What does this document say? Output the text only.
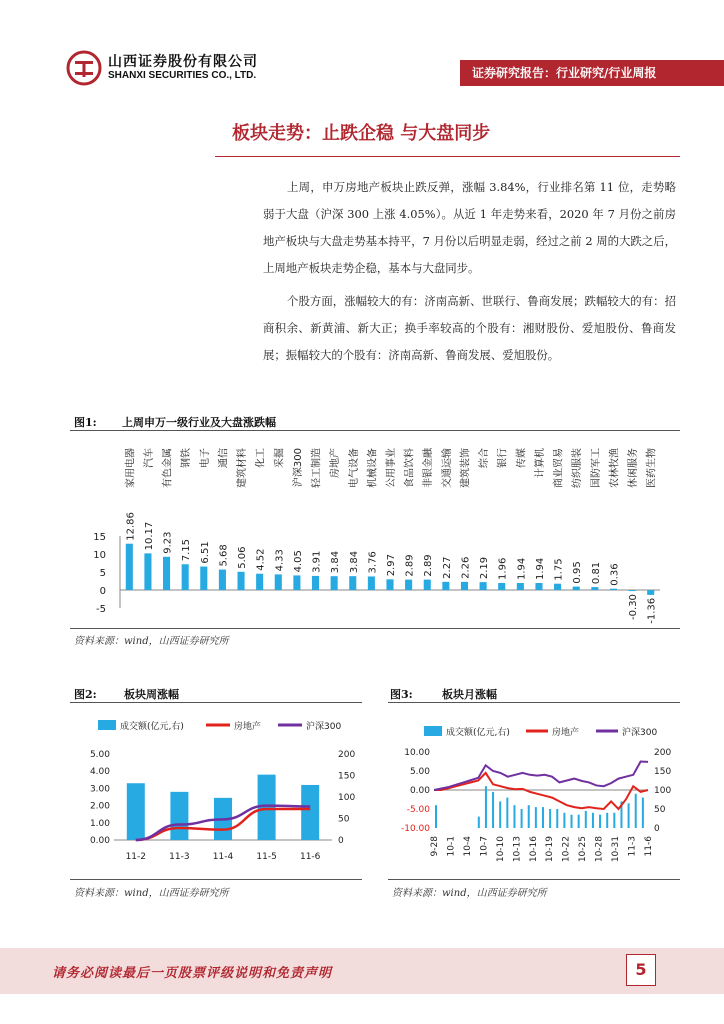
山西证券股份有限公司
SHANXI SECURITIES CO., LTD.	证券研究报告：行业研究/行业周报
板块走势：止跌企稳 与大盘同步
上周，申万房地产板块止跌反弹，涨幅 3.84%，行业排名第 11 位，走势略弱于大盘（沪深 300 上涨 4.05%）。从近 1 年走势来看，2020 年 7 月份之前房地产板块与大盘走势基本持平，7 月份以后明显走弱，经过之前 2 周的大跌之后，上周地产板块走势企稳，基本与大盘同步。
个股方面，涨幅较大的有：济南高新、世联行、鲁商发展；跌幅较大的有：招商积余、新黄浦、新大正；换手率较高的个股有：湘财股份、爱旭股份、鲁商发展；振幅较大的个股有：济南高新、鲁商发展、爱旭股份。
图1: 上周申万一级行业及大盘涨跌幅
15
10
5
0
-5
12.86
家用电器
10.17
汽车
9.23
有色金属
7.15
钢铁
6.51
电子
5.68
通信
5.06
建筑材料
4.52
化工
4.33
采掘
4.05
沪深300
3.91
轻工制造
3.84
房地产
3.84
电气设备
3.76
机械设备
2.97
公用事业
2.89
食品饮料
2.89
非银金融
2.27
交通运输
2.26
建筑装饰
2.19
综合
1.96
银行
1.94
传媒
1.94
计算机
1.75
商业贸易
0.95
纺织服装
0.81
国防军工
0.36
农林牧渔
-0.30
休闲服务
-1.36
医药生物
资料来源：wind，山西证券研究所
图2: 板块周涨幅
成交额(亿元,右)	房地产	沪深300
5.00
4.00
3.00
2.00
1.00
0.00
200
150
100
50
0
11-2	11-3	11-4	11-5	11-6
资料来源：wind，山西证券研究所
图3:	板块月涨幅
成交额(亿元,右)	房地产	沪深300
10.00
5.00
0.00
-5.00
-10.00
200
150
100
50
0
9-28 10-1 10-4 10-7 10-10 10-13 10-16 10-19 10-22 10-25 10-28 10-31 11-3 11-6
资料来源：wind，山西证券研究所
请务必阅读最后一页股票评级说明和免责声明	5
